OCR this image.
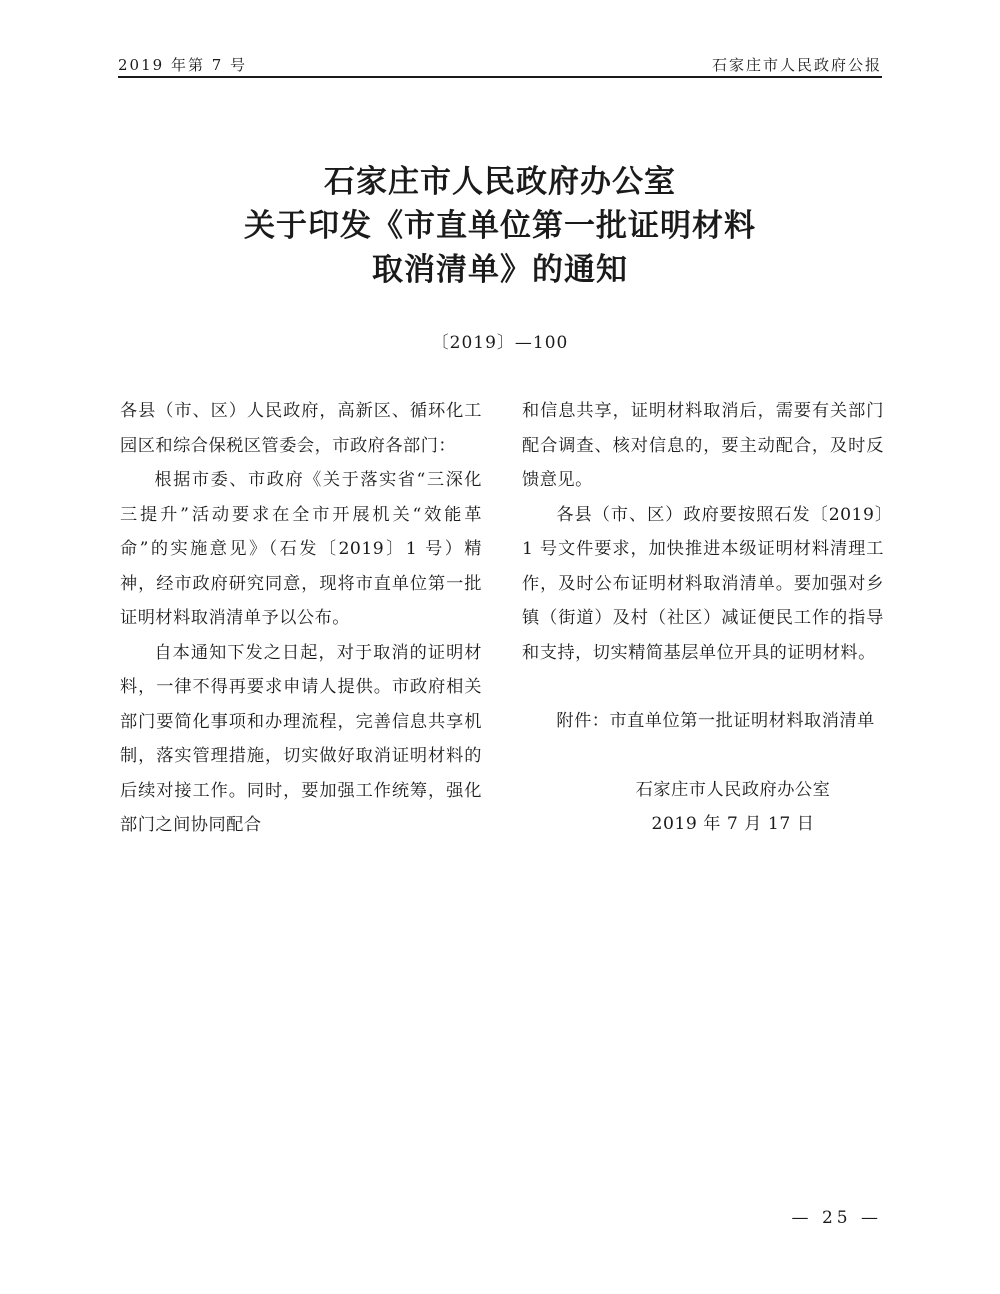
2019 年第 7 号	石家庄市人民政府公报
石家庄市人民政府办公室
关于印发《市直单位第一批证明材料
取消清单》的通知
〔2019〕—100

各县（市、区）人民政府，高新区、循环化工园区和综合保税区管委会，市政府各部门：

根据市委、市政府《关于落实省“三深化三提升”活动要求在全市开展机关“效能革命”的实施意见》（石发〔2019〕1 号）精神，经市政府研究同意，现将市直单位第一批证明材料取消清单予以公布。

自本通知下发之日起，对于取消的证明材料，一律不得再要求申请人提供。市政府相关部门要简化事项和办理流程，完善信息共享机制，落实管理措施，切实做好取消证明材料的后续对接工作。同时，要加强工作统筹，强化部门之间协同配合

和信息共享，证明材料取消后，需要有关部门配合调查、核对信息的，要主动配合，及时反馈意见。

各县（市、区）政府要按照石发〔2019〕1 号文件要求，加快推进本级证明材料清理工作，及时公布证明材料取消清单。要加强对乡镇（街道）及村（社区）减证便民工作的指导和支持，切实精简基层单位开具的证明材料。

附件： 市直单位第一批证明材料取消清单

石家庄市人民政府办公室

2019 年 7 月 17 日

— 25 —
